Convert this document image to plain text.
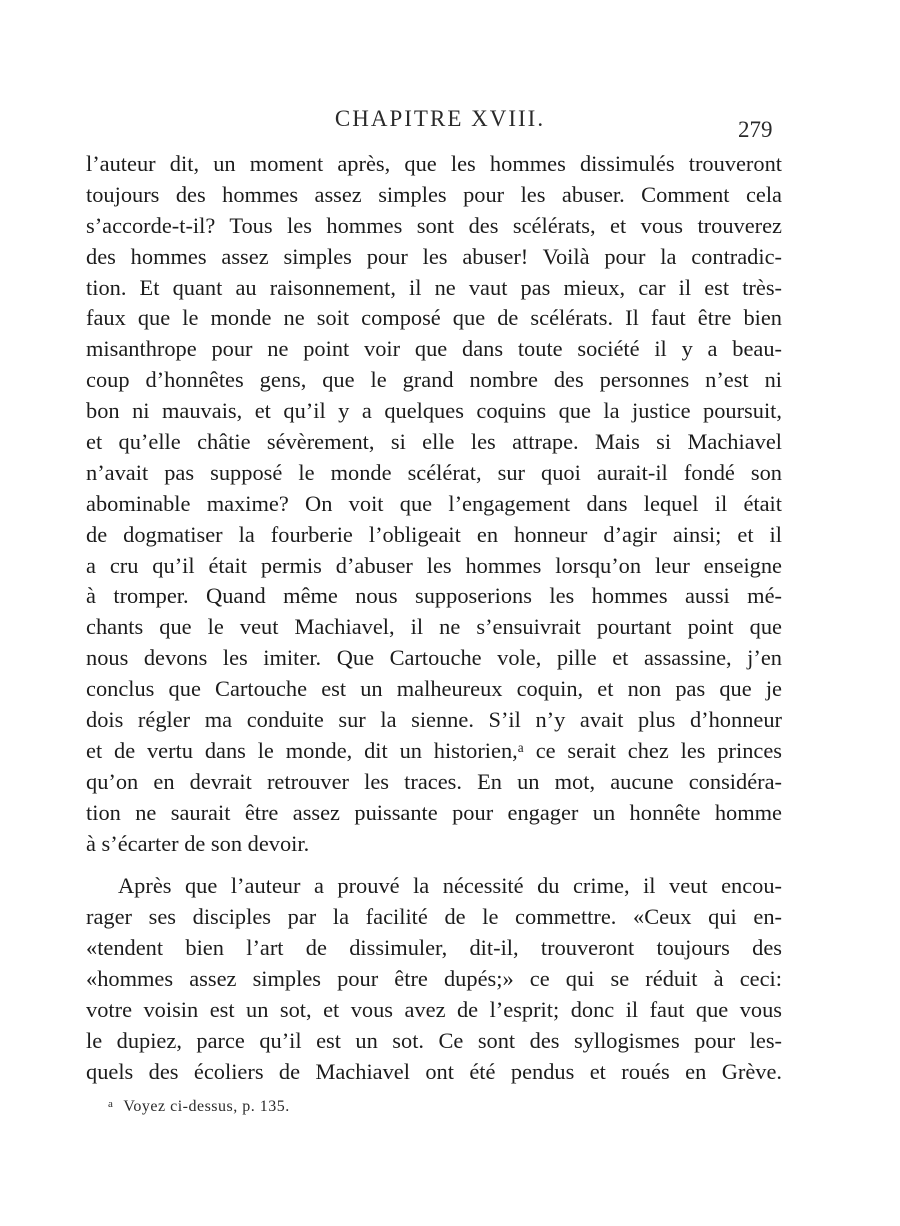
CHAPITRE XVIII.	279
l’auteur dit, un moment après, que les hommes dissimulés trouveront
toujours des hommes assez simples pour les abuser. Comment cela
s’accorde-t-il? Tous les hommes sont des scélérats, et vous trouverez
des hommes assez simples pour les abuser! Voilà pour la contradic-
tion. Et quant au raisonnement, il ne vaut pas mieux, car il est très-
faux que le monde ne soit composé que de scélérats. Il faut être bien
misanthrope pour ne point voir que dans toute société il y a beau-
coup d’honnêtes gens, que le grand nombre des personnes n’est ni
bon ni mauvais, et qu’il y a quelques coquins que la justice poursuit,
et qu’elle châtie sévèrement, si elle les attrape. Mais si Machiavel
n’avait pas supposé le monde scélérat, sur quoi aurait-il fondé son
abominable maxime? On voit que l’engagement dans lequel il était
de dogmatiser la fourberie l’obligeait en honneur d’agir ainsi; et il
a cru qu’il était permis d’abuser les hommes lorsqu’on leur enseigne
à tromper. Quand même nous supposerions les hommes aussi mé-
chants que le veut Machiavel, il ne s’ensuivrait pourtant point que
nous devons les imiter. Que Cartouche vole, pille et assassine, j’en
conclus que Cartouche est un malheureux coquin, et non pas que je
dois régler ma conduite sur la sienne. S’il n’y avait plus d’honneur
et de vertu dans le monde, dit un historien,ᵃ ce serait chez les princes
qu’on en devrait retrouver les traces. En un mot, aucune considéra-
tion ne saurait être assez puissante pour engager un honnête homme
à s’écarter de son devoir.
Après que l’auteur a prouvé la nécessité du crime, il veut encou-
rager ses disciples par la facilité de le commettre. «Ceux qui en-
«tendent bien l’art de dissimuler, dit-il, trouveront toujours des
«hommes assez simples pour être dupés;» ce qui se réduit à ceci:
votre voisin est un sot, et vous avez de l’esprit; donc il faut que vous
le dupiez, parce qu’il est un sot. Ce sont des syllogismes pour les-
quels des écoliers de Machiavel ont été pendus et roués en Grève.
$^a$ Voyez ci-dessus, p. 135.
